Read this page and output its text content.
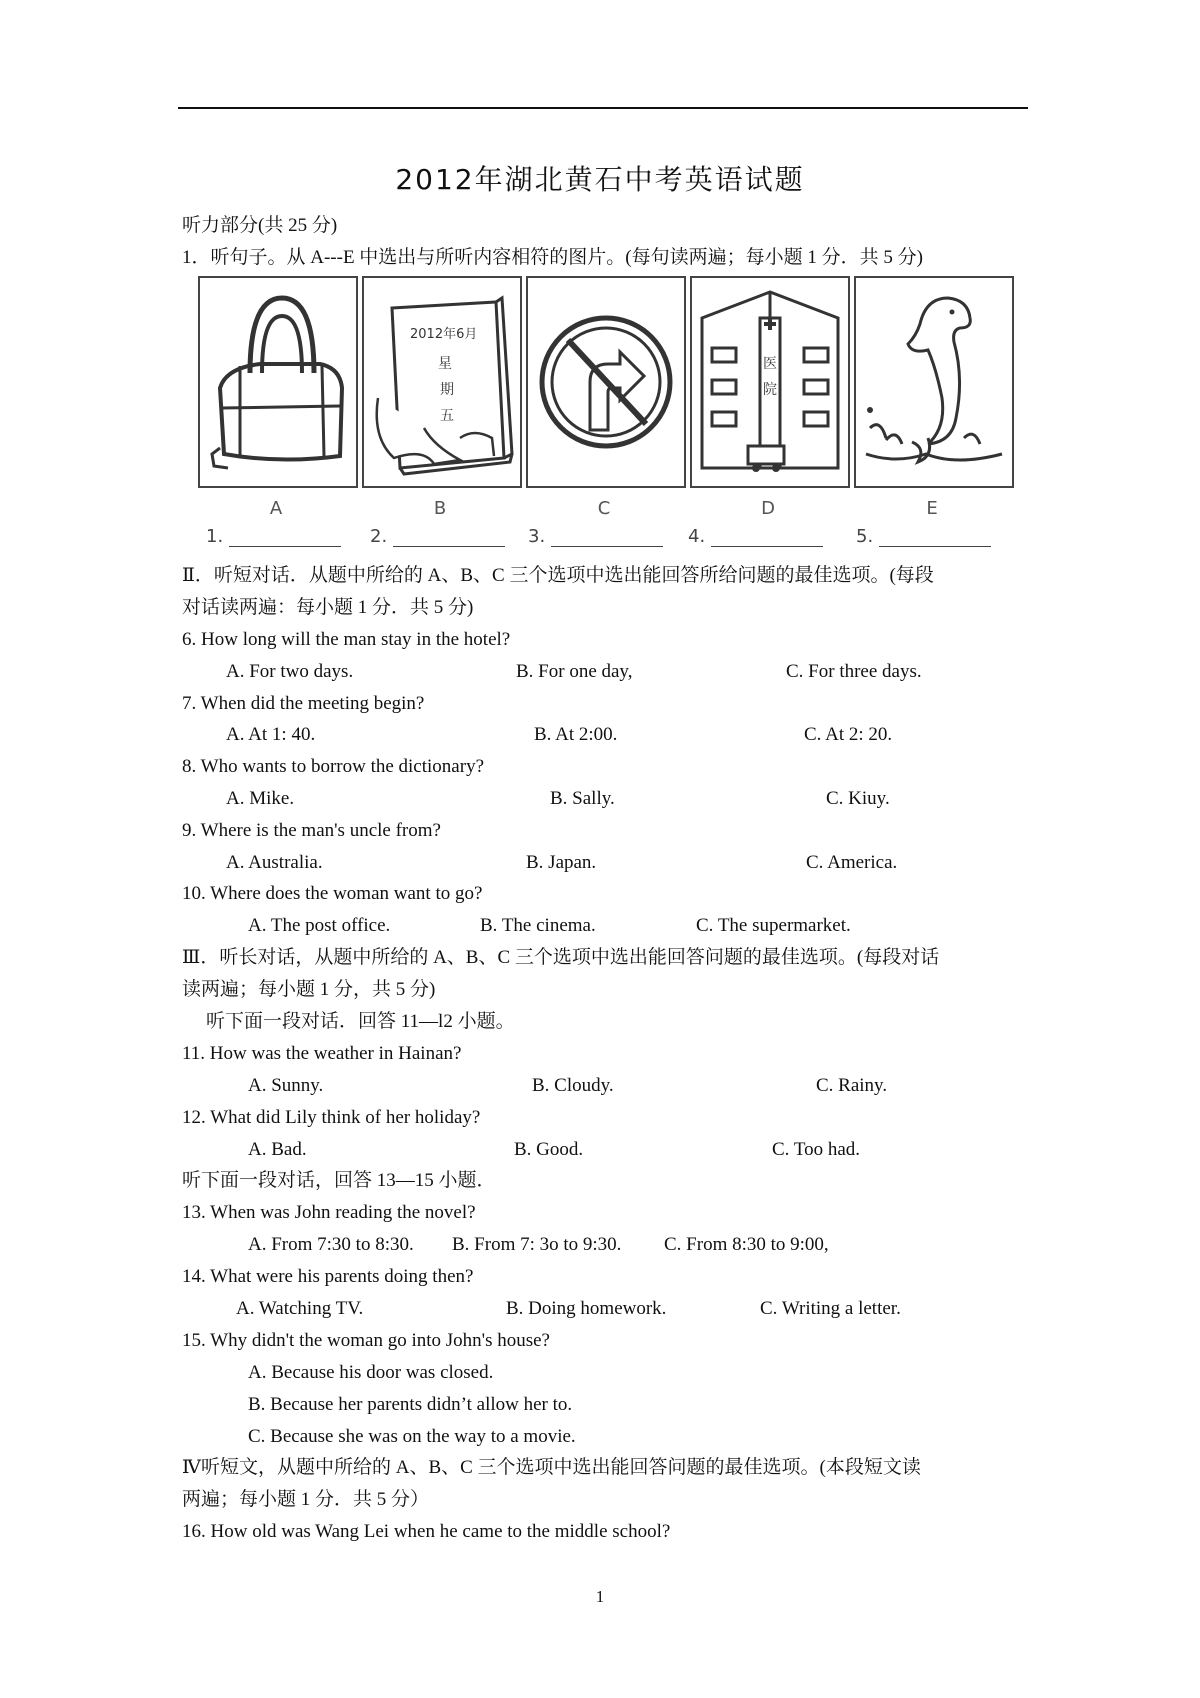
2012年湖北黄石中考英语试题
听力部分(共 25 分)
1．听句子。从 A---E 中选出与所听内容相符的图片。(每句读两遍；每小题 1 分．共 5 分)
A
2012年6月
星
期
五
B	C
医
院
D	E
1.	2.	3.	4.	5.
Ⅱ．听短对话．从题中所给的 A、B、C 三个选项中选出能回答所给问题的最佳选项。(每段
对话读两遍：每小题 1 分．共 5 分)
6. How long will the man stay in the hotel?
A. For two days.	B. For one day,	C. For three days.
7. When did the meeting begin?
A. At 1: 40.	B. At 2:00.	C. At 2: 20.
8. Who wants to borrow the dictionary?
A. Mike.	B. Sally.	C. Kiuy.
9. Where is the man's uncle from?
A. Australia.	B. Japan.	C. America.
10. Where does the woman want to go?
A. The post office.	B. The cinema.	C. The supermarket.
Ⅲ．听长对话，从题中所给的 A、B、C 三个选项中选出能回答问题的最佳选项。(每段对话
读两遍；每小题 1 分，共 5 分)
听下面一段对话．回答 11—l2 小题。
11. How was the weather in Hainan?
A. Sunny.	B. Cloudy.	C. Rainy.
12. What did Lily think of her holiday?
A. Bad.	B. Good.	C. Too had.
听下面一段对话，回答 13—15 小题．
13. When was John reading the novel?
A. From 7:30 to 8:30. B. From 7: 3o to 9:30. C. From 8:30 to 9:00,
14. What were his parents doing then?
A. Watching TV.	B. Doing homework.	C. Writing a letter.
15. Why didn't the woman go into John's house?
A. Because his door was closed.
B. Because her parents didn’t allow her to.
C. Because she was on the way to a movie.
Ⅳ听短文，从题中所给的 A、B、C 三个选项中选出能回答问题的最佳选项。(本段短文读
两遍；每小题 1 分．共 5 分）
16. How old was Wang Lei when he came to the middle school?
1
